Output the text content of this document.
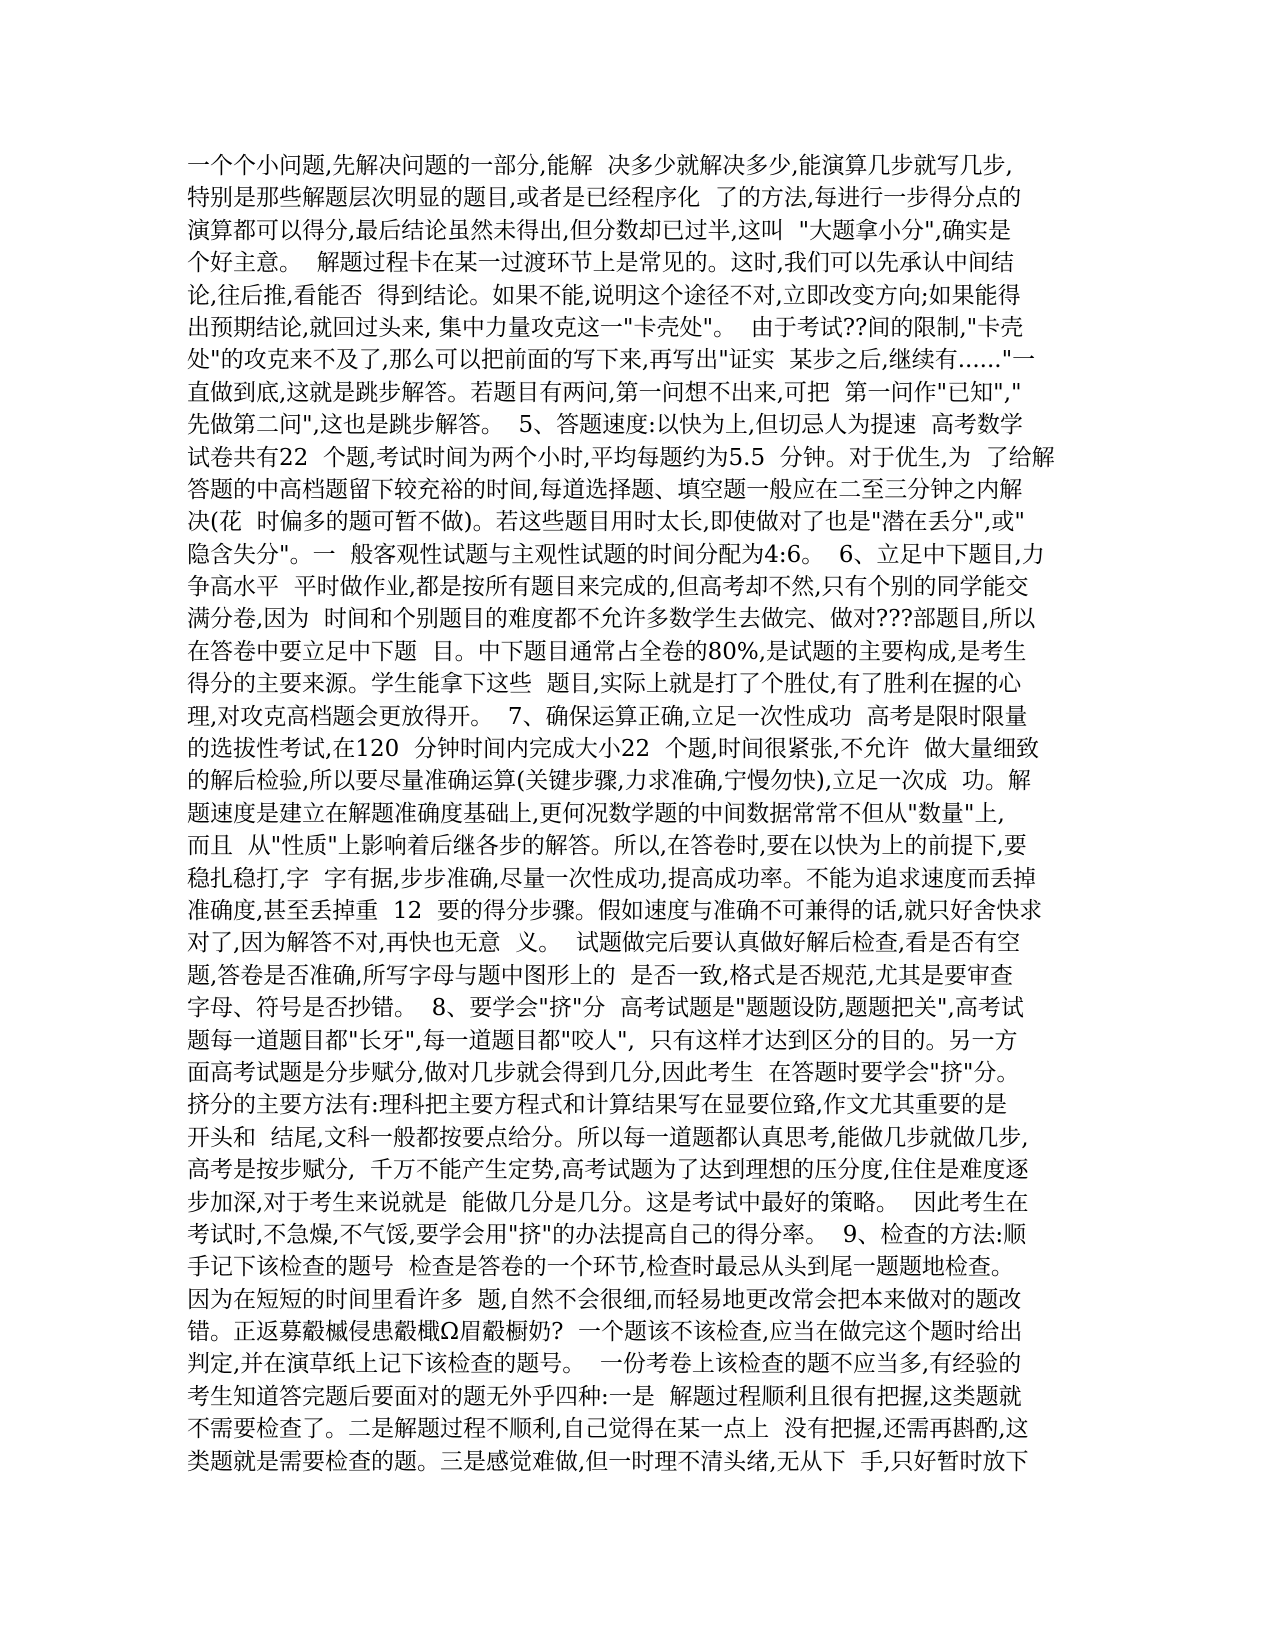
一个个小问题,先解决问题的一部分,能解  决多少就解决多少,能演算几步就写几步,
特别是那些解题层次明显的题目,或者是已经程序化  了的方法,每进行一步得分点的
演算都可以得分,最后结论虽然未得出,但分数却已过半,这叫  "大题拿小分",确实是
个好主意。  解题过程卡在某一过渡环节上是常见的。这时,我们可以先承认中间结
论,往后推,看能否  得到结论。如果不能,说明这个途径不对,立即改变方向;如果能得
出预期结论,就回过头来, 集中力量攻克这一"卡壳处"。  由于考试??间的限制,"卡壳
处"的攻克来不及了,那么可以把前面的写下来,再写出"证实  某步之后,继续有......"一
直做到底,这就是跳步解答。若题目有两问,第一问想不出来,可把  第一问作"已知","
先做第二问",这也是跳步解答。  5、答题速度:以快为上,但切忌人为提速  高考数学
试卷共有22  个题,考试时间为两个小时,平均每题约为5.5  分钟。对于优生,为  了给解
答题的中高档题留下较充裕的时间,每道选择题、填空题一般应在二至三分钟之内解
决(花  时偏多的题可暂不做)。若这些题目用时太长,即使做对了也是"潜在丢分",或"
隐含失分"。一  般客观性试题与主观性试题的时间分配为4:6。  6、立足中下题目,力
争高水平  平时做作业,都是按所有题目来完成的,但高考却不然,只有个别的同学能交
满分卷,因为  时间和个别题目的难度都不允许多数学生去做完、做对???部题目,所以
在答卷中要立足中下题  目。中下题目通常占全卷的80%,是试题的主要构成,是考生
得分的主要来源。学生能拿下这些  题目,实际上就是打了个胜仗,有了胜利在握的心
理,对攻克高档题会更放得开。  7、确保运算正确,立足一次性成功  高考是限时限量
的选拔性考试,在120  分钟时间内完成大小22  个题,时间很紧张,不允许  做大量细致
的解后检验,所以要尽量准确运算(关键步骤,力求准确,宁慢勿快),立足一次成  功。解
题速度是建立在解题准确度基础上,更何况数学题的中间数据常常不但从"数量"上,
而且  从"性质"上影响着后继各步的解答。所以,在答卷时,要在以快为上的前提下,要
稳扎稳打,字  字有据,步步准确,尽量一次性成功,提高成功率。不能为追求速度而丢掉
准确度,甚至丢掉重  12  要的得分步骤。假如速度与准确不可兼得的话,就只好舍快求
对了,因为解答不对,再快也无意  义。  试题做完后要认真做好解后检查,看是否有空
题,答卷是否准确,所写字母与题中图形上的  是否一致,格式是否规范,尤其是要审查
字母、符号是否抄错。  8、要学会"挤"分  高考试题是"题题设防,题题把关",高考试
题每一道题目都"长牙",每一道题目都"咬人",  只有这样才达到区分的目的。另一方
面高考试题是分步赋分,做对几步就会得到几分,因此考生  在答题时要学会"挤"分。
挤分的主要方法有:理科把主要方程式和计算结果写在显要位臵,作文尤其重要的是
开头和  结尾,文科一般都按要点给分。所以每一道题都认真思考,能做几步就做几步,
高考是按步赋分,  千万不能产生定势,高考试题为了达到理想的压分度,住住是难度逐
步加深,对于考生来说就是  能做几分是几分。这是考试中最好的策略。  因此考生在
考试时,不急燥,不气馁,要学会用"挤"的办法提高自己的得分率。  9、检查的方法:顺
手记下该检查的题号  检查是答卷的一个环节,检查时最忌从头到尾一题题地检查。
因为在短短的时间里看许多  题,自然不会很细,而轻易地更改常会把本来做对的题改
错。正返募觳槭侵患觳檝Ω眉觳橱奶?  一个题该不该检查,应当在做完这个题时给出
判定,并在演草纸上记下该检查的题号。  一份考卷上该检查的题不应当多,有经验的
考生知道答完题后要面对的题无外乎四种:一是  解题过程顺利且很有把握,这类题就
不需要检查了。二是解题过程不顺利,自己觉得在某一点上  没有把握,还需再斟酌,这
类题就是需要检查的题。三是感觉难做,但一时理不清头绪,无从下  手,只好暂时放下
